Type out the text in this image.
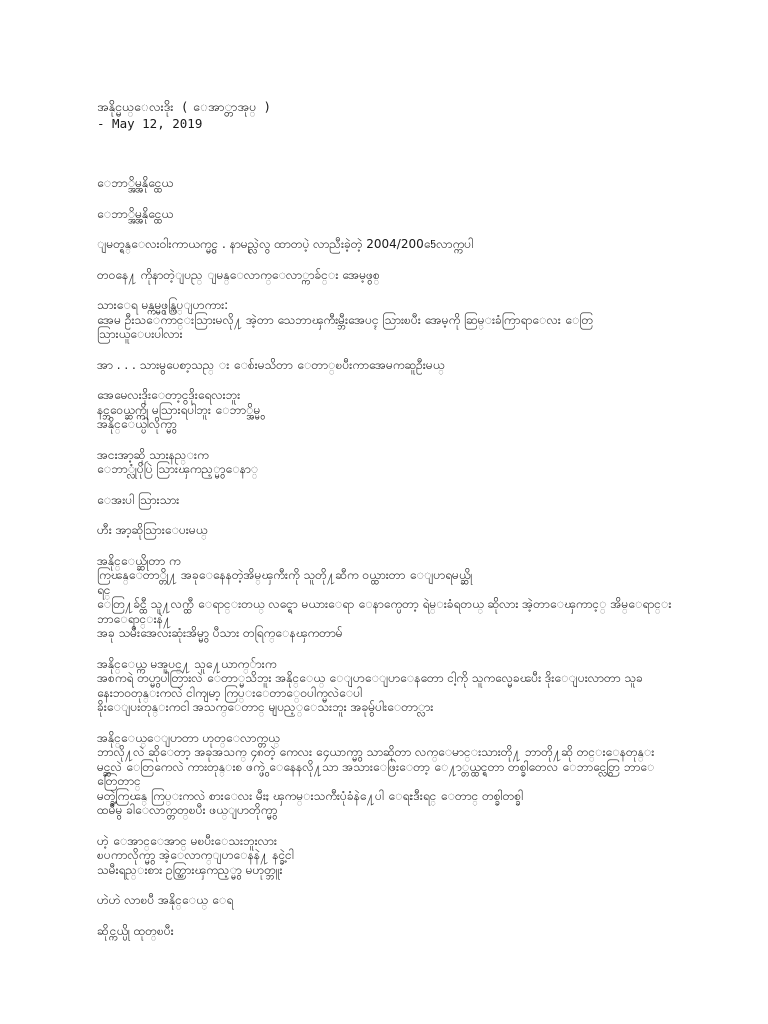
အနိုင္မယ္ေလးဒိုး ( ေအာ္တာအုပ္ )
- May 12, 2019
ေဘာ္အိမ္အနိုင္ထေယ
ေဘာ္အိမ္အနိုင္ထေယ
ျမတ္ရန္ေလးဝါးကာယက္မွင္ . နာမည္လဲလွ ထာတပဲ့ လာညီးခဲ့တဲ့ 2004/2005ေလာက္ကပါ
တဝနေ႔ ကိုနာတဲ့ျပည္ ျမန္ေလာက္ေလာ္ကာခ်င္း အေမ့ဖွစ္
သားေရ မန္ကမ္မွဖုန္ကြပ္ျပာကား:
အေမ ဦးသ‌ေကာင္းသြားမလို႔ အဲ့တာ သေဘာၾကီးမ္ဘီးအေပၚ သြားၿပီး အေမ့ကို ဆြမ္းခံကြာရာေလး ေတြ
သြားယူေပးပါလား
အာ . . . သားမွပေစာ့သည္ း ေစ်းမသိတာ ေတာ္ၿပီးကာအေမကဆူဦးမယ္
အေမေလးဒိုးေတာ့ငွဒိုးရေလးဘူး
နင္ဘဝေယ္ဆက္ကို မသြားရပါဘူး ေဘာ္အိမ္မွ
အနိုင္ေယ္ပါလိုက္မွာ
အငးအာ့ဆို သားနည္းက
ေဘာ္လုံပိုပြဲ သြားၾကည့္မွာေနာ္
ေအးပါ သြားသား
ဟီး အာ့ဆိုသြားေပးမယ္
အနိုင္ေယ္ဆိုတာ က
ကြၽန္ေတာ္တို႔ အခုေနေနတဲ့အိမ္ၾကီးကို သူတို႔ဆီက ဝယ္ထားတာ ေျပာရမယ္ဆို
ရင္
ေတြ႔ခ်င္ထီ သူ႔လက္ထီ ေရာင္းတယ္ လင္ရော မယားေရာ ေနာက္ပေတာ့ ရဲမ္းခံရတယ္ ဆိုလား အဲ့တာေၾကာင့္ အိမ္ေရာင္း
ဘာေရာင္းနဲ႔
အခု သမီးအေလးဆုံးအိမ္မွာ ပီသား တရြက္ေနၾကတာမ်
အနိုင္ေယ္က မအူပင္႔ သူ႔ေယာက္်ားက
အစကရဲ တပ္မွာပါတြားလဲ ေတာ္မသိဘူး အနိုင္ေယ္ ေျပာေျပာေနတော ငါ့ကို သူကလ္မေခၽပီး ဒိုးေျပးလာတာ သူခ
နေးဘဝတုန္းကလဲ ငါကျမာ့ ကြပ္းေတာ္ဝေပါက္မလဲေပါ
ခိုးေျပးတုန္းကငါ အသက္ေတာင္ မျပည့္ေသးဘူး အခုမွ်ပါးေတာ္လား
အနိုင္ေယ္ေျပာတာ ဟုတ္ေလာက္တယ္
ဘာလို႔လဲ ဆိုေတာ့ အခုအသက္ ၄၈တဲ့ ကေလး ၄ေယာက္မွာ သာဆိုတာ လက္ေမာင္းသားတို႔ ဘာတို႔ဆို တင္းေနတုန္း
မင္ဆလဲ ေတြကေလဲ ကားတုန္းစ ဖက္ဖွဲ ေနေနလို႔သာ အသားေဖြးေတာ့ ေ႔ာ္တယ္ထင္ရတာ တစ္ခါတေလ ေဘာင္လွေတြ ဘာေ
တြေတာင္
မတ္ခဲ့ကြၽန္ ကြပ္းကလဲ စားေလး မီးႏ ၾကမ္းသကီးပုံခံနဲ႔ေပါ ေရႊဒီးရင္ ေတာင္ တစ္ခါတစ္ခါ
ထမီမွ ခါေလာက္တတ္ၿပီး ဖယ္ျပာတိုက္မွာ
ဟဲ့ ေအာင္ေအာင္ မၿပီးေသးဘူးလား
ၿပကာလိုက္မွာ အဲ့ေလာက္ျပာေနနဲ႔ နင္ခဲ့ငါ
သမီးရည္းစား ဥတ္ထြားၾကည့္မွာ မဟုတ္ဘူး
ဟဲဟဲ လာၿပီ အနိုင္ေယ္ ေရ
ဆိုင္ကယ္ပို ထုတ္ၿပီး
